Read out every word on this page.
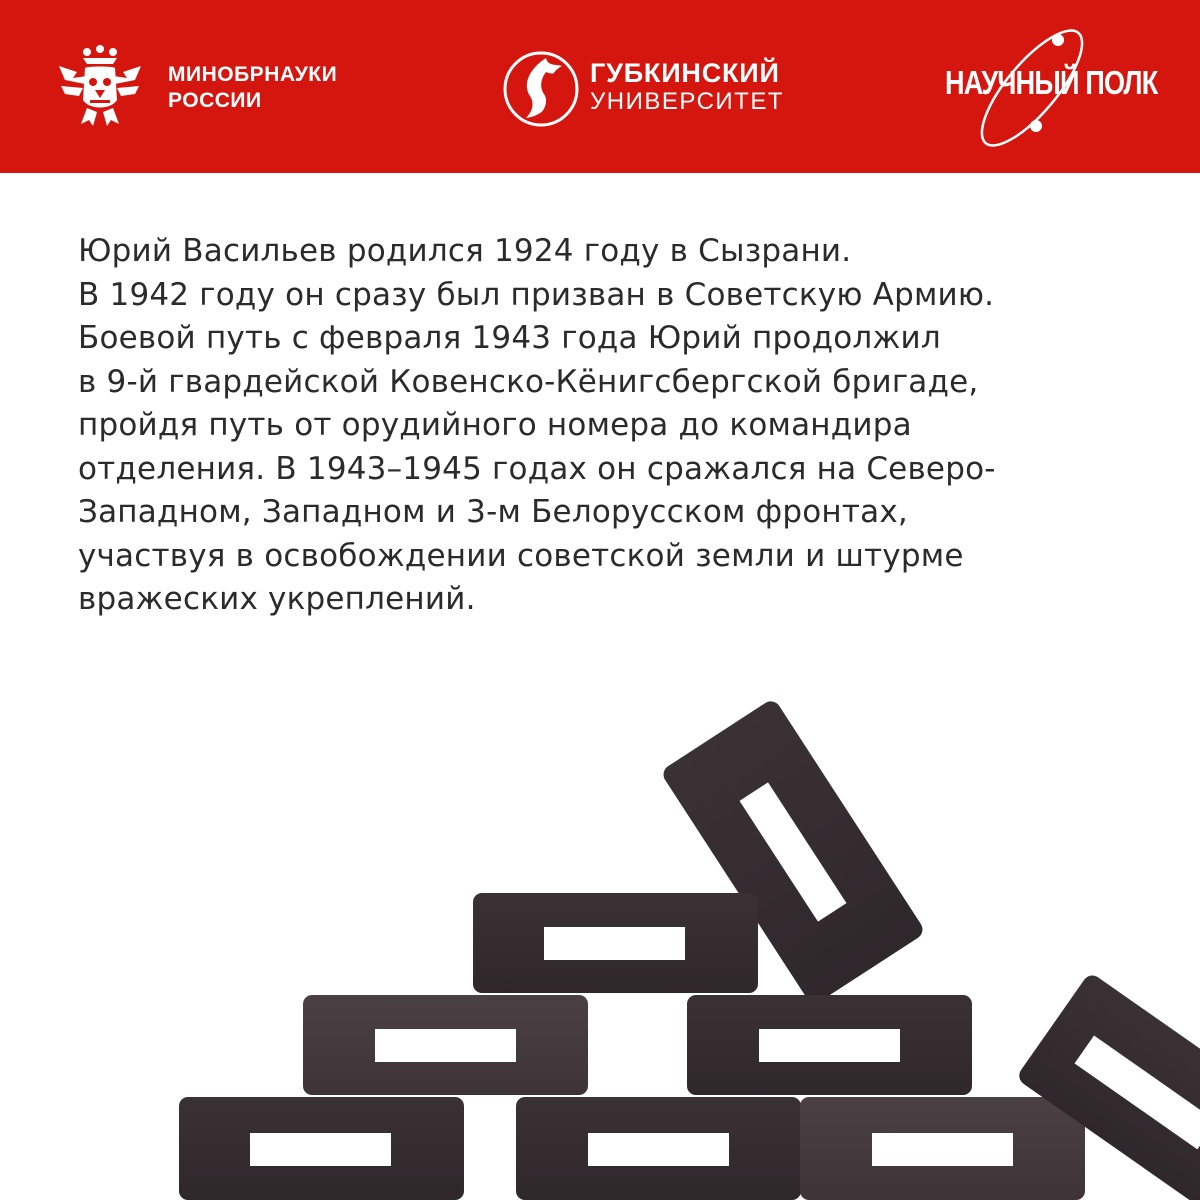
МИНОБРНАУКИ
РОССИИ
ГУБКИНСКИЙ
УНИВЕРСИТЕТ
НАУЧНЫЙ ПОЛК

Юрий Васильев родился 1924 году в Сызрани.
В 1942 году он сразу был призван в Советскую Армию.
Боевой путь с февраля 1943 года Юрий продолжил
в 9-й гвардейской Ковенско-Кёнигсбергской бригаде,
пройдя путь от орудийного номера до командира
отделения. В 1943–1945 годах он сражался на Северо-
Западном, Западном и 3-м Белорусском фронтах,
участвуя в освобождении советской земли и штурме
вражеских укреплений.
